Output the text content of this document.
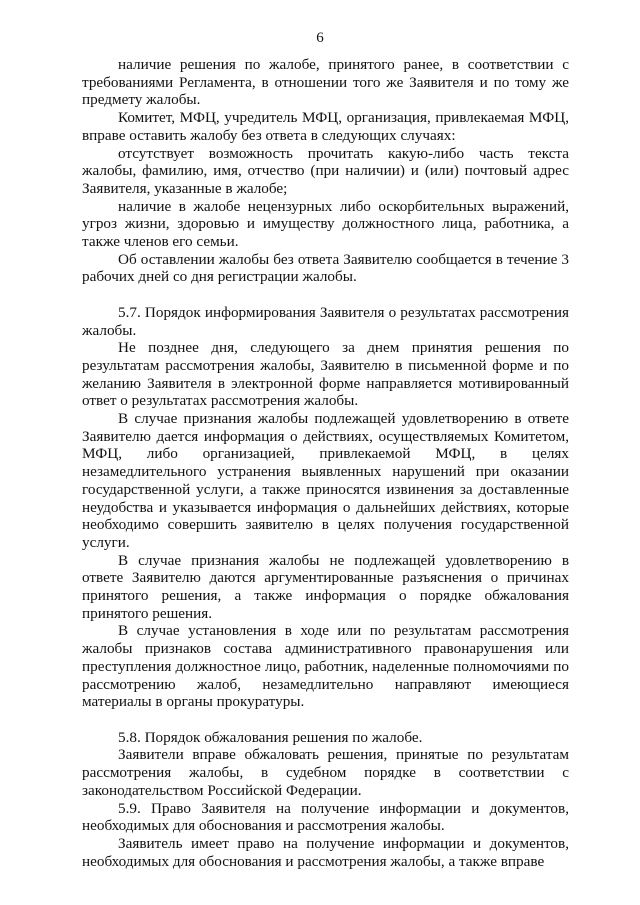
6

наличие решения по жалобе, принятого ранее, в соответствии с требованиями Регламента, в отношении того же Заявителя и по тому же предмету жалобы.

Комитет, МФЦ, учредитель МФЦ, организация, привлекаемая МФЦ, вправе оставить жалобу без ответа в следующих случаях:

отсутствует возможность прочитать какую-либо часть текста жалобы, фамилию, имя, отчество (при наличии) и (или) почтовый адрес Заявителя, указанные в жалобе;

наличие в жалобе нецензурных либо оскорбительных выражений, угроз жизни, здоровью и имуществу должностного лица, работника, а также членов его семьи.

Об оставлении жалобы без ответа Заявителю сообщается в течение 3 рабочих дней со дня регистрации жалобы.

5.7. Порядок информирования Заявителя о результатах рассмотрения жалобы.

Не позднее дня, следующего за днем принятия решения по результатам рассмотрения жалобы, Заявителю в письменной форме и по желанию Заявителя в электронной форме направляется мотивированный ответ о результатах рассмотрения жалобы.

В случае признания жалобы подлежащей удовлетворению в ответе Заявителю дается информация о действиях, осуществляемых Комитетом, МФЦ, либо организацией, привлекаемой МФЦ, в целях незамедлительного устранения выявленных нарушений при оказании государственной услуги, а также приносятся извинения за доставленные неудобства и указывается информация о дальнейших действиях, которые необходимо совершить заявителю в целях получения государственной услуги.

В случае признания жалобы не подлежащей удовлетворению в ответе Заявителю даются аргументированные разъяснения о причинах принятого решения, а также информация о порядке обжалования принятого решения.

В случае установления в ходе или по результатам рассмотрения жалобы признаков состава административного правонарушения или преступления должностное лицо, работник, наделенные полномочиями по рассмотрению жалоб, незамедлительно направляют имеющиеся материалы в органы прокуратуры.

5.8. Порядок обжалования решения по жалобе.

Заявители вправе обжаловать решения, принятые по результатам рассмотрения жалобы, в судебном порядке в соответствии с законодательством Российской Федерации.

5.9. Право Заявителя на получение информации и документов, необходимых для обоснования и рассмотрения жалобы.

Заявитель имеет право на получение информации и документов, необходимых для обоснования и рассмотрения жалобы, а также вправе
